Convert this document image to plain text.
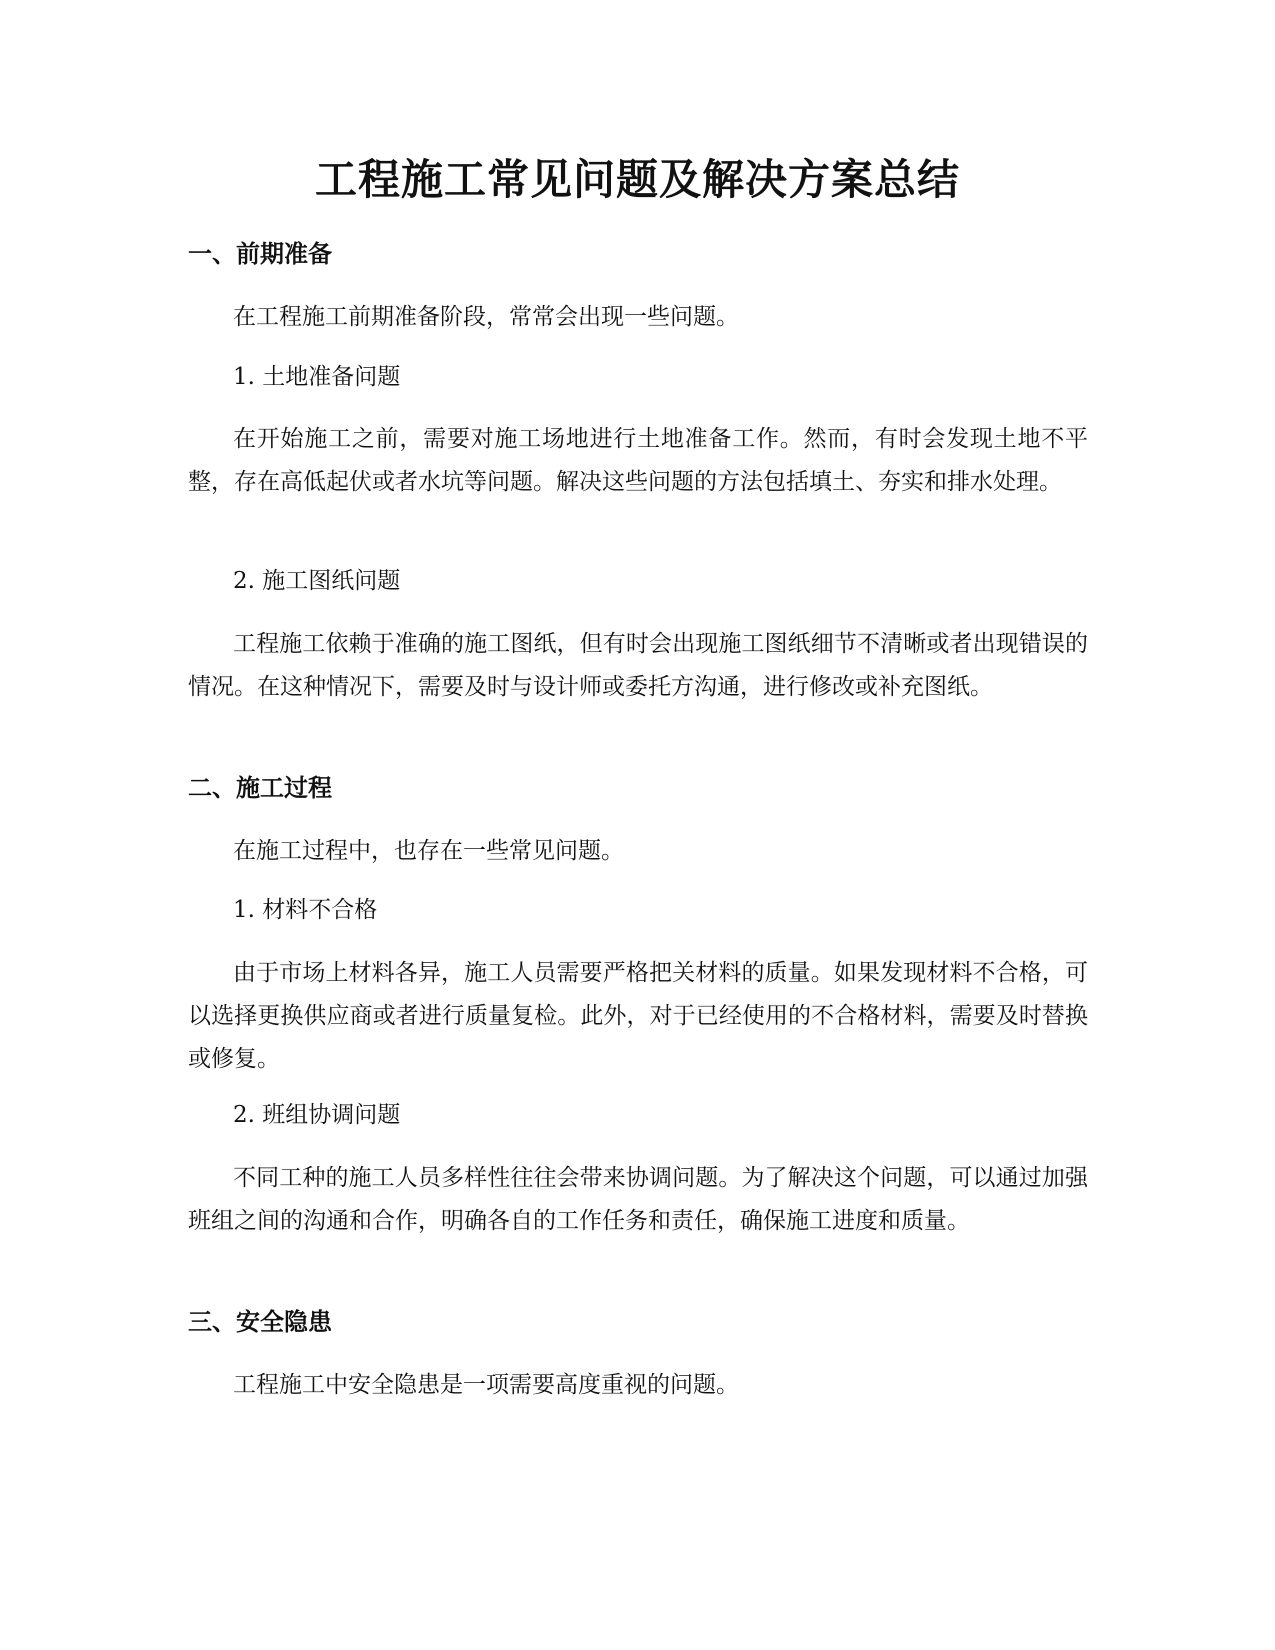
工程施工常见问题及解决方案总结
一、前期准备

在工程施工前期准备阶段，常常会出现一些问题。

1. 土地准备问题

在开始施工之前，需要对施工场地进行土地准备工作。然而，有时会发现土地不平整，存在高低起伏或者水坑等问题。解决这些问题的方法包括填土、夯实和排水处理。

2. 施工图纸问题

工程施工依赖于准确的施工图纸，但有时会出现施工图纸细节不清晰或者出现错误的情况。在这种情况下，需要及时与设计师或委托方沟通，进行修改或补充图纸。

二、施工过程

在施工过程中，也存在一些常见问题。

1. 材料不合格

由于市场上材料各异，施工人员需要严格把关材料的质量。如果发现材料不合格，可以选择更换供应商或者进行质量复检。此外，对于已经使用的不合格材料，需要及时替换或修复。

2. 班组协调问题

不同工种的施工人员多样性往往会带来协调问题。为了解决这个问题，可以通过加强班组之间的沟通和合作，明确各自的工作任务和责任，确保施工进度和质量。

三、安全隐患

工程施工中安全隐患是一项需要高度重视的问题。
